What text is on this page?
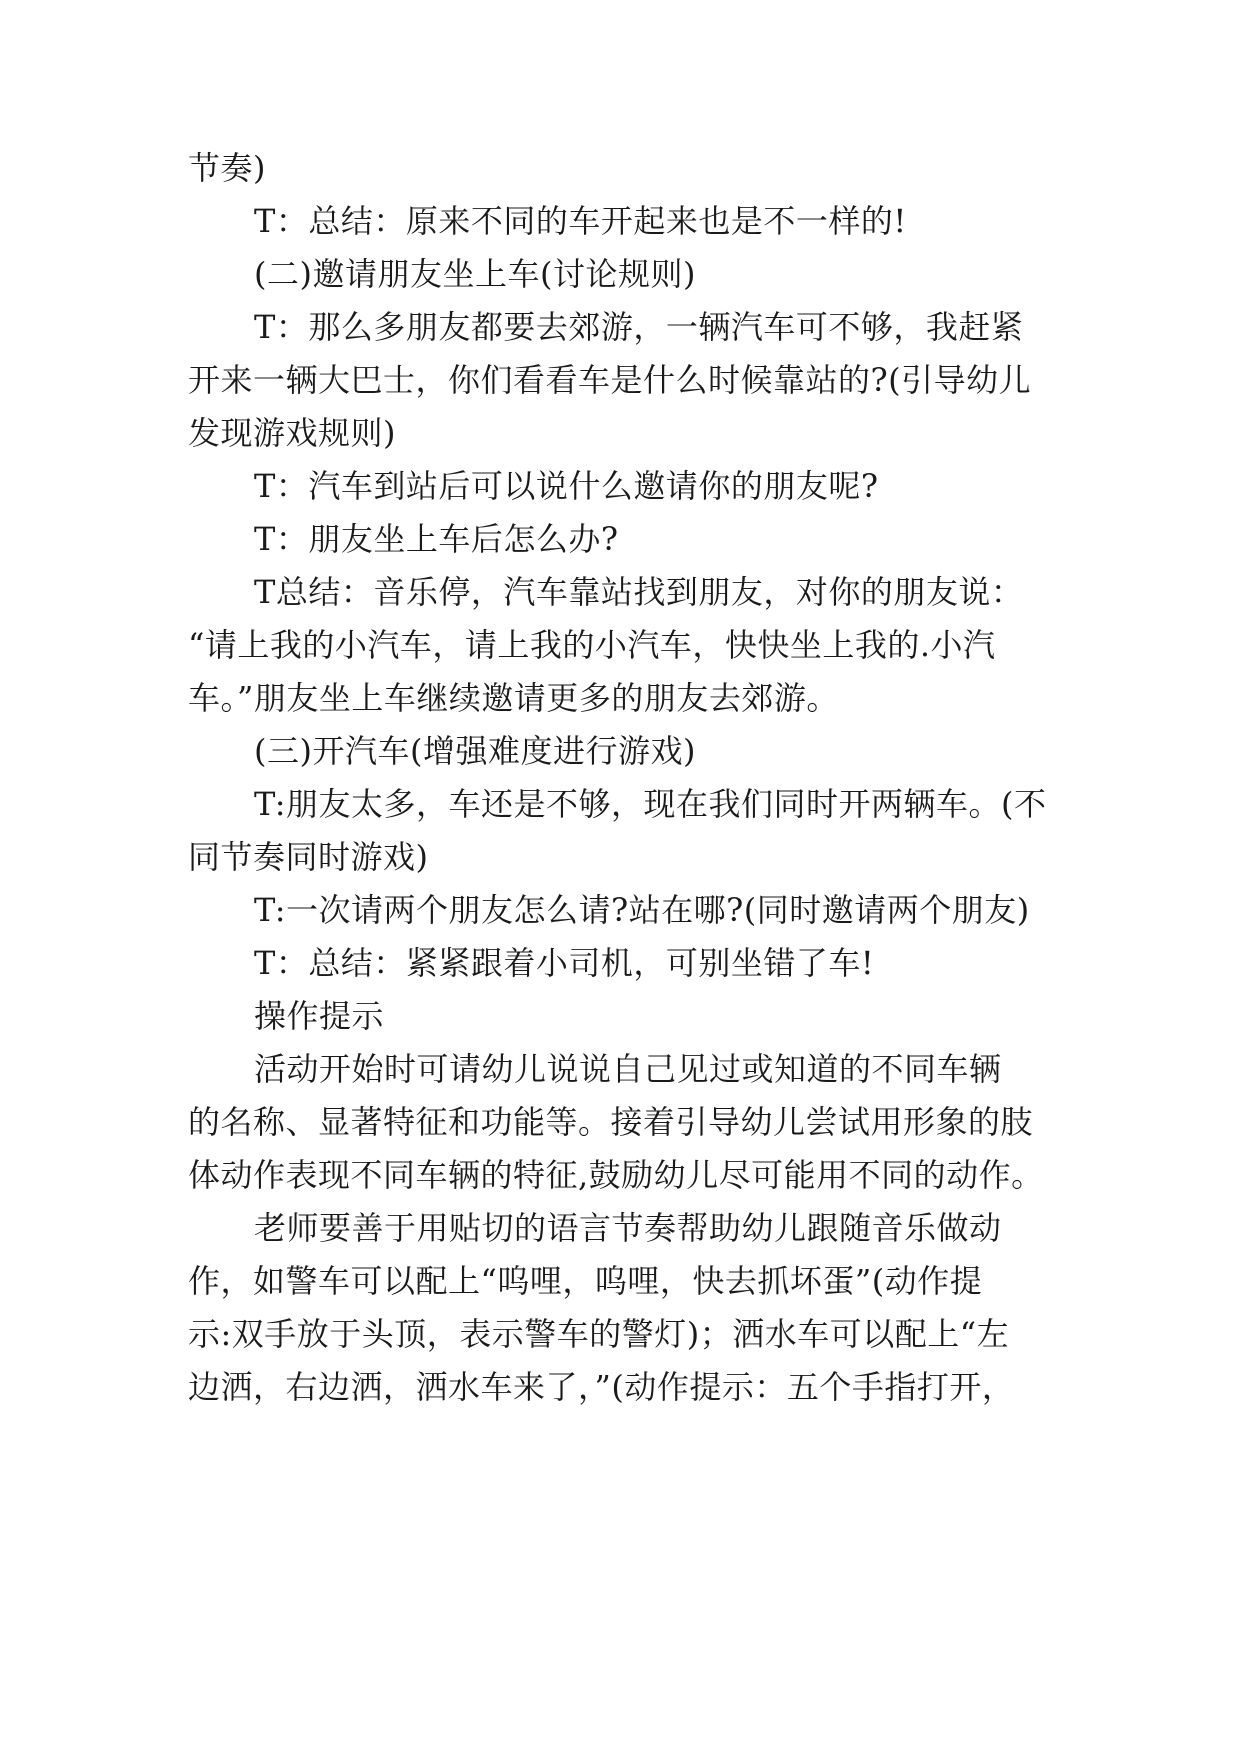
节奏)
T：总结：原来不同的车开起来也是不一样的!
(二)邀请朋友坐上车(讨论规则)
T：那么多朋友都要去郊游，一辆汽车可不够，我赶紧
开来一辆大巴士，你们看看车是什么时候靠站的?(引导幼儿
发现游戏规则)
T：汽车到站后可以说什么邀请你的朋友呢?
T：朋友坐上车后怎么办?
T总结：音乐停，汽车靠站找到朋友，对你的朋友说：
“请上我的小汽车，请上我的小汽车，快快坐上我的.小汽
车。”朋友坐上车继续邀请更多的朋友去郊游。
(三)开汽车(增强难度进行游戏)
T:朋友太多，车还是不够，现在我们同时开两辆车。(不
同节奏同时游戏)
T:一次请两个朋友怎么请?站在哪?(同时邀请两个朋友)
T：总结：紧紧跟着小司机，可别坐错了车!
操作提示
活动开始时可请幼儿说说自己见过或知道的不同车辆
的名称、显著特征和功能等。接着引导幼儿尝试用形象的肢
体动作表现不同车辆的特征,鼓励幼儿尽可能用不同的动作。
老师要善于用贴切的语言节奏帮助幼儿跟随音乐做动
作，如警车可以配上“呜哩，呜哩，快去抓坏蛋”(动作提
示:双手放于头顶，表示警车的警灯)；洒水车可以配上“左
边洒，右边洒，洒水车来了，”(动作提示：五个手指打开，
